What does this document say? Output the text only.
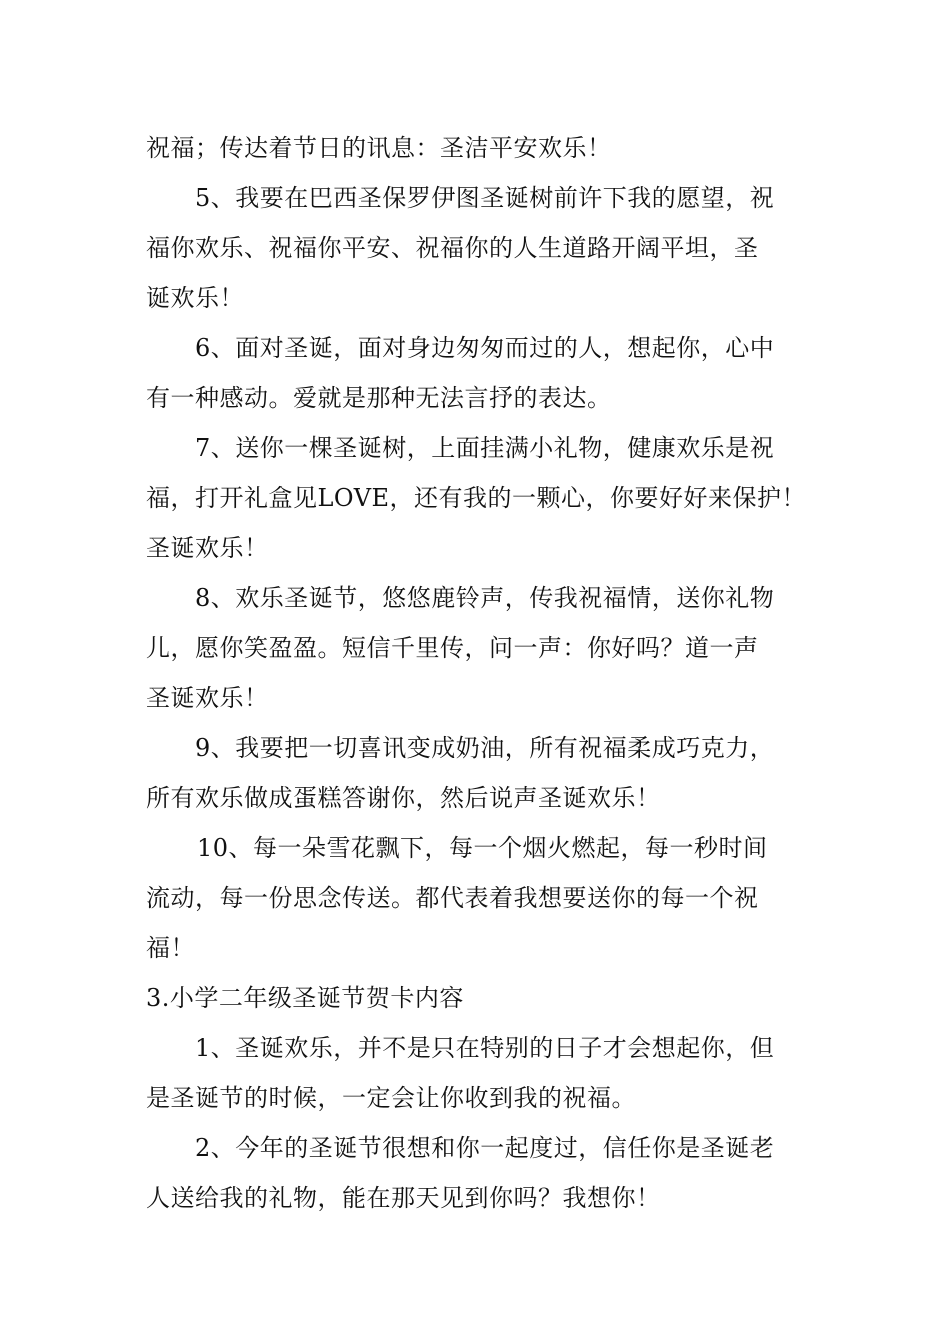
祝福；传达着节日的讯息：圣洁平安欢乐！
5、我要在巴西圣保罗伊图圣诞树前许下我的愿望，祝
福你欢乐、祝福你平安、祝福你的人生道路开阔平坦，圣
诞欢乐！
6、面对圣诞，面对身边匆匆而过的人，想起你，心中
有一种感动。爱就是那种无法言抒的表达。
7、送你一棵圣诞树，上面挂满小礼物，健康欢乐是祝
福，打开礼盒见LOVE，还有我的一颗心，你要好好来保护！
圣诞欢乐！
8、欢乐圣诞节，悠悠鹿铃声，传我祝福情，送你礼物
儿，愿你笑盈盈。短信千里传，问一声：你好吗？道一声
圣诞欢乐！
9、我要把一切喜讯变成奶油，所有祝福柔成巧克力，
所有欢乐做成蛋糕答谢你，然后说声圣诞欢乐！
10、每一朵雪花飘下，每一个烟火燃起，每一秒时间
流动，每一份思念传送。都代表着我想要送你的每一个祝
福！
3.小学二年级圣诞节贺卡内容
1、圣诞欢乐，并不是只在特别的日子才会想起你，但
是圣诞节的时候，一定会让你收到我的祝福。
2、今年的圣诞节很想和你一起度过，信任你是圣诞老
人送给我的礼物，能在那天见到你吗？我想你！
